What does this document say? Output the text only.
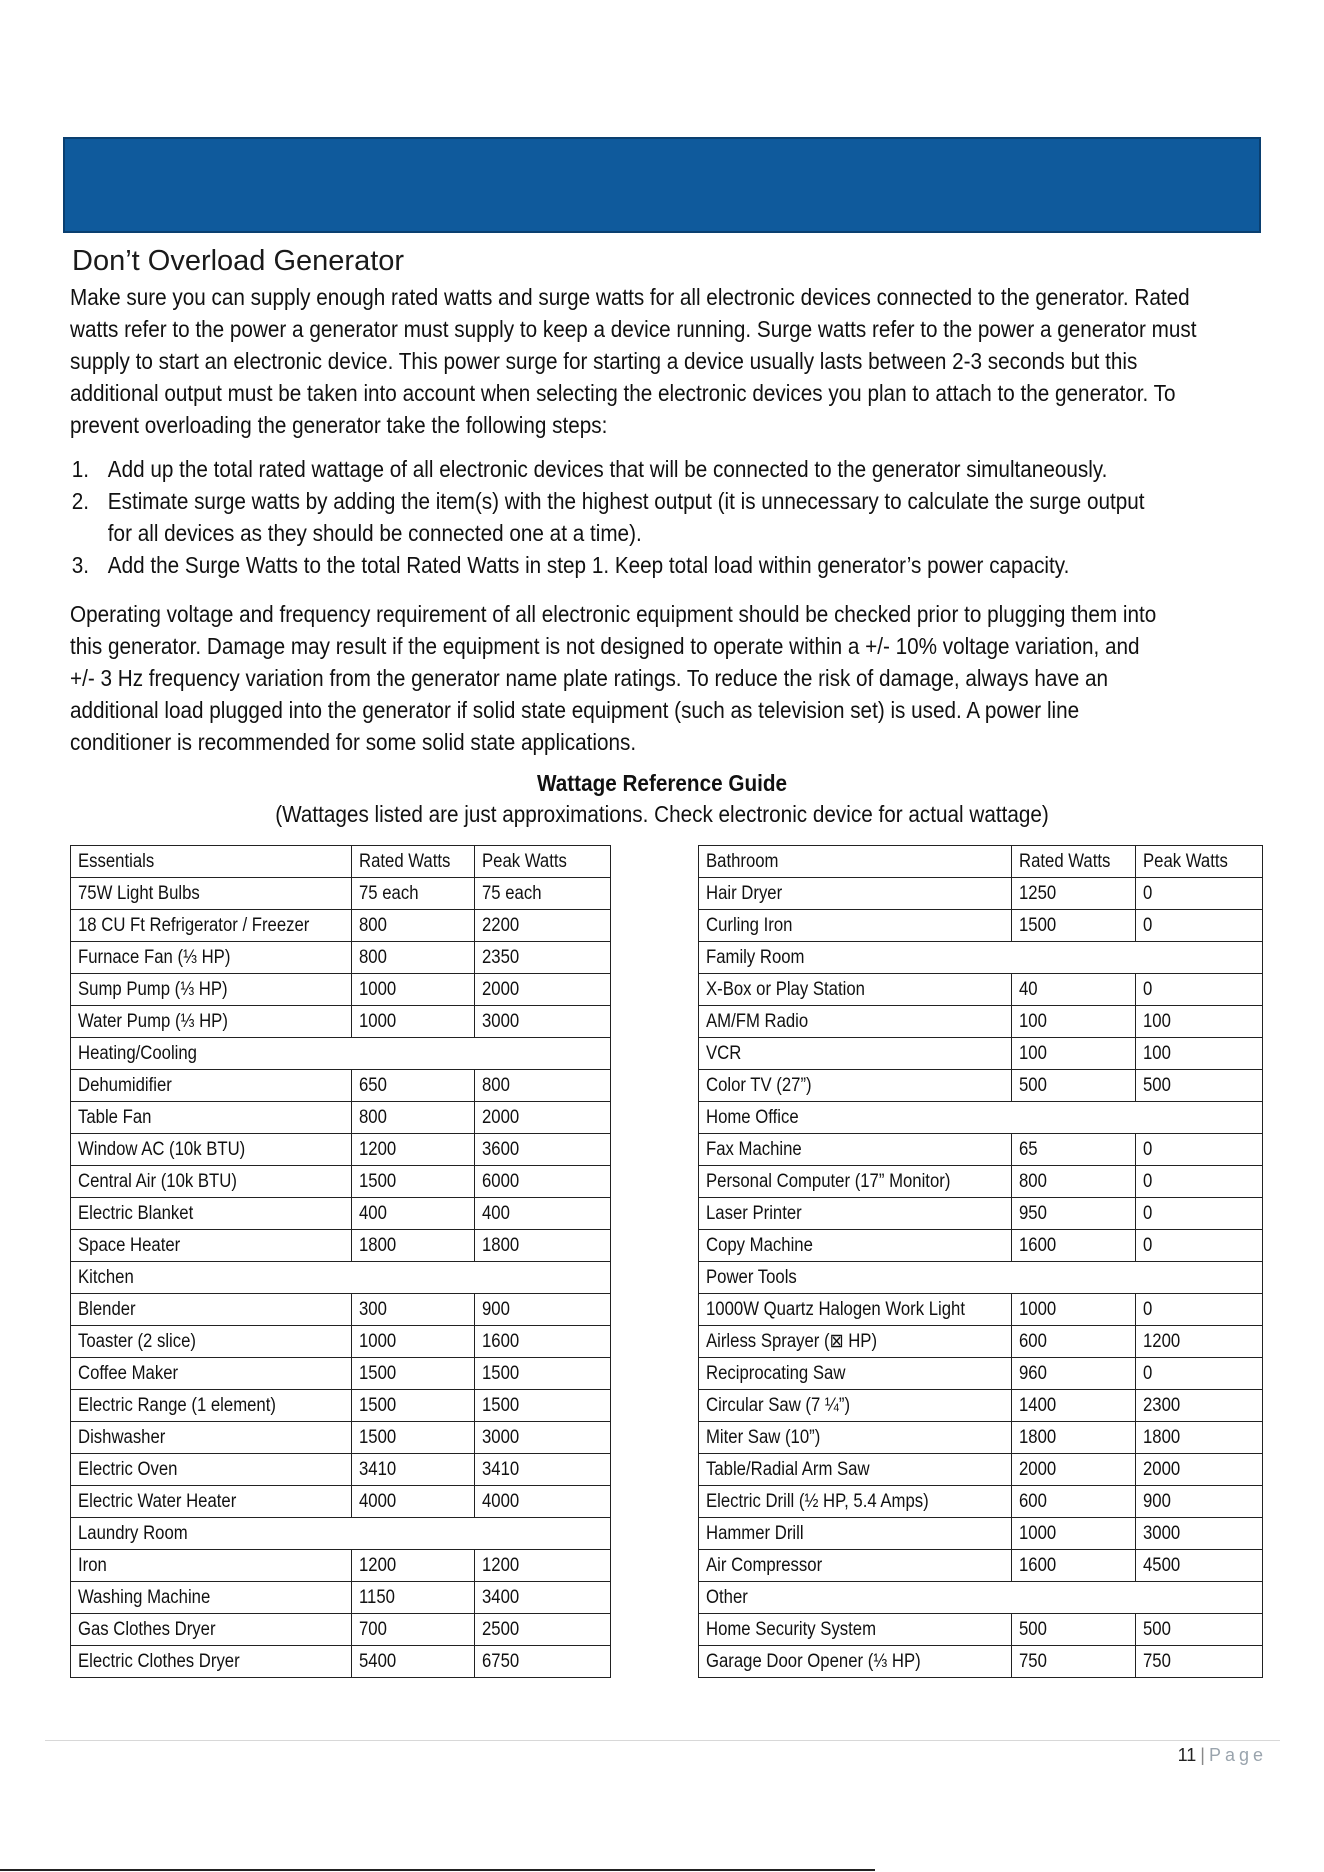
Don’t Overload Generator
Make sure you can supply enough rated watts and surge watts for all electronic devices connected to the generator. Rated
watts refer to the power a generator must supply to keep a device running. Surge watts refer to the power a generator must
supply to start an electronic device. This power surge for starting a device usually lasts between 2-3 seconds but this
additional output must be taken into account when selecting the electronic devices you plan to attach to the generator. To
prevent overloading the generator take the following steps:
1. Add up the total rated wattage of all electronic devices that will be connected to the generator simultaneously.
2. Estimate surge watts by adding the item(s) with the highest output (it is unnecessary to calculate the surge output
for all devices as they should be connected one at a time).
3. Add the Surge Watts to the total Rated Watts in step 1. Keep total load within generator’s power capacity.
Operating voltage and frequency requirement of all electronic equipment should be checked prior to plugging them into
this generator. Damage may result if the equipment is not designed to operate within a +/- 10% voltage variation, and
+/- 3 Hz frequency variation from the generator name plate ratings. To reduce the risk of damage, always have an
additional load plugged into the generator if solid state equipment (such as television set) is used. A power line
conditioner is recommended for some solid state applications.
Wattage Reference Guide
(Wattages listed are just approximations. Check electronic device for actual wattage)
Essentials	Rated Watts	Peak Watts
75W Light Bulbs	75 each	75 each
18 CU Ft Refrigerator / Freezer	800	2200
Furnace Fan (⅓ HP)	800	2350
Sump Pump (⅓ HP)	1000	2000
Water Pump (⅓ HP)	1000	3000
Heating/Cooling		
Dehumidifier	650	800
Table Fan	800	2000
Window AC (10k BTU)	1200	3600
Central Air (10k BTU)	1500	6000
Electric Blanket	400	400
Space Heater	1800	1800
Kitchen		
Blender	300	900
Toaster (2 slice)	1000	1600
Coffee Maker	1500	1500
Electric Range (1 element)	1500	1500
Dishwasher	1500	3000
Electric Oven	3410	3410
Electric Water Heater	4000	4000
Laundry Room		
Iron	1200	1200
Washing Machine	1150	3400
Gas Clothes Dryer	700	2500
Electric Clothes Dryer	5400	6750
Bathroom	Rated Watts	Peak Watts
Hair Dryer	1250	0
Curling Iron	1500	0
Family Room		
X-Box or Play Station	40	0
AM/FM Radio	100	100
VCR	100	100
Color TV (27”)	500	500
Home Office		
Fax Machine	65	0
Personal Computer (17” Monitor)	800	0
Laser Printer	950	0
Copy Machine	1600	0
Power Tools		
1000W Quartz Halogen Work Light	1000	0
Airless Sprayer (⊠ HP)	600	1200
Reciprocating Saw	960	0
Circular Saw (7 ¼”)	1400	2300
Miter Saw (10”)	1800	1800
Table/Radial Arm Saw	2000	2000
Electric Drill (½ HP, 5.4 Amps)	600	900
Hammer Drill	1000	3000
Air Compressor	1600	4500
Other		
Home Security System	500	500
Garage Door Opener (⅓ HP)	750	750
11 | Page
